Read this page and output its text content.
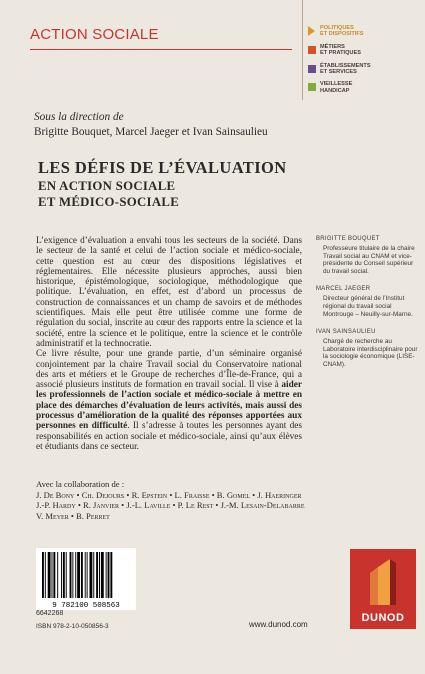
ACTION SOCIALE	POLITIQUES
ET DISPOSITIFS
MÉTIERS
ET PRATIQUES
ÉTABLISSEMENTS
ET SERVICES
VIEILLESSE
HANDICAP
Sous la direction de
Brigitte Bouquet, Marcel Jaeger et Ivan Sainsaulieu
LES DÉFIS DE L’ÉVALUATION
EN ACTION SOCIALE
ET MÉDICO-SOCIALE

L’exigence d’évaluation a envahi tous les secteurs de la société. Dans le secteur de la santé et celui de l’action sociale et médico-sociale, cette question est au cœur des dispositions législatives et réglementaires. Elle nécessite plusieurs approches, aussi bien historique, épistémologique, sociologique, méthodologique que politique. L’évaluation, en effet, est d’abord un processus de construction de connaissances et un champ de savoirs et de méthodes scientifiques. Mais elle peut être utilisée comme une forme de régulation du social, inscrite au cœur des rapports entre la science et la société, entre la science et le politique, entre la science et le contrôle administratif et la technocratie.

Ce livre résulte, pour une grande partie, d’un séminaire organisé conjointement par la chaire Travail social du Conservatoire national des arts et métiers et le Groupe de recherches d’Île-de-France, qui a associé plusieurs instituts de formation en travail social. Il vise à aider les professionnels de l’action sociale et médico-sociale à mettre en place des démarches d’évaluation de leurs activités, mais aussi des processus d’amélioration de la qualité des réponses apportées aux personnes en difficulté. Il s’adresse à toutes les personnes ayant des responsabilités en action sociale et médico-sociale, ainsi qu’aux élèves et étudiants dans ce secteur.

BRIGITTE BOUQUET
Professeure titulaire de la chaire Travail social au CNAM et vice-présidente du Conseil supérieur du travail social.
MARCEL JAEGER
Directeur général de l’Institut régional du travail social Montrouge – Neuilly-sur-Marne.
IVAN SAINSAULIEU
Chargé de recherche au Laboratoire interdisciplinaire pour la sociologie économique (LISE-CNAM).
Avec la collaboration de :
J. De Bony • Ch. Dejours • R. Epstein • L. Fraisse • B. Gomel • J. Haeringer
J.-P. Hardy • R. Janvier • J.-L. Laville • P. Le Rest • J.-M. Lesain-Delabarre
V. Meyer • B. Perret
9 782100 508563
6642268
ISBN 978-2-10-050856-3	www.dunod.com
DUNOD
